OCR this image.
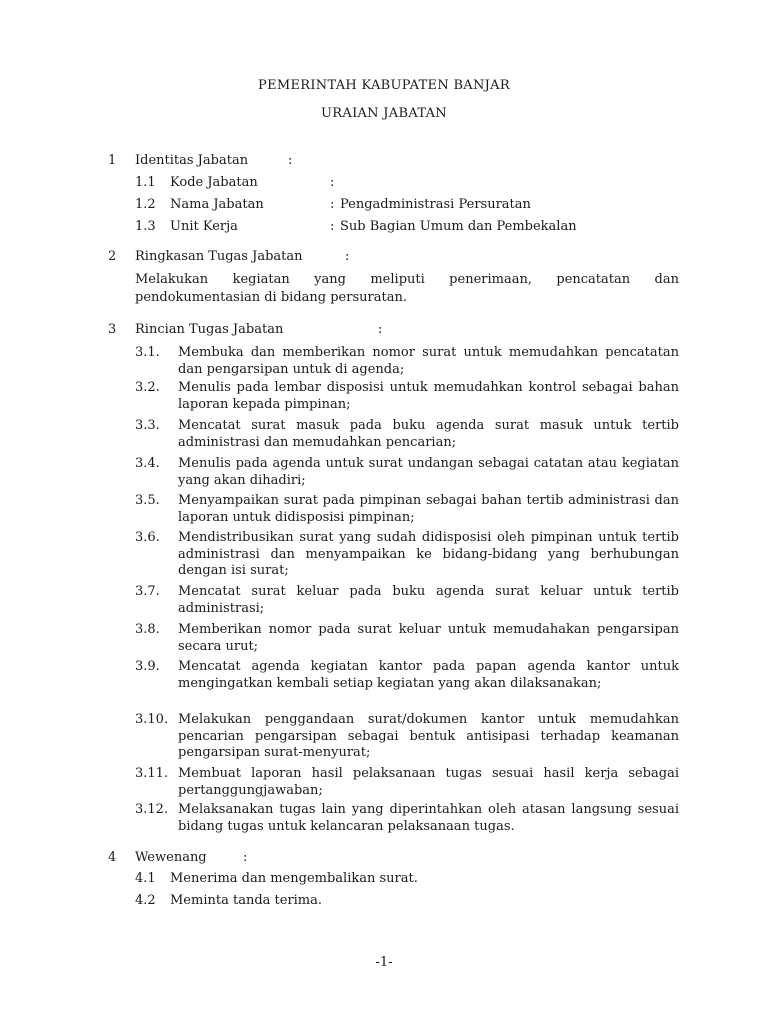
PEMERINTAH KABUPATEN BANJAR
URAIAN JABATAN
1 Identitas Jabatan	:
1.1 Kode Jabatan	:
1.2 Nama Jabatan	: Pengadministrasi Persuratan
1.3 Unit Kerja	: Sub Bagian Umum dan Pembekalan
2 Ringkasan Tugas Jabatan	:
Melakukan kegiatan yang meliputi penerimaan, pencatatan dan pendokumentasian di bidang persuratan.
3 Rincian Tugas Jabatan	:
3.1. Membuka dan memberikan nomor surat untuk memudahkan pencatatan dan pengarsipan untuk di agenda;
3.2. Menulis pada lembar disposisi untuk memudahkan kontrol sebagai bahan laporan kepada pimpinan;
3.3. Mencatat surat masuk pada buku agenda surat masuk untuk tertib administrasi dan memudahkan pencarian;
3.4. Menulis pada agenda untuk surat undangan sebagai catatan atau kegiatan yang akan dihadiri;
3.5. Menyampaikan surat pada pimpinan sebagai bahan tertib administrasi dan laporan untuk didisposisi pimpinan;
3.6. Mendistribusikan surat yang sudah didisposisi oleh pimpinan untuk tertib administrasi dan menyampaikan ke bidang-bidang yang berhubungan dengan isi surat;
3.7. Mencatat surat keluar pada buku agenda surat keluar untuk tertib administrasi;
3.8. Memberikan nomor pada surat keluar untuk memudahakan pengarsipan secara urut;
3.9. Mencatat agenda kegiatan kantor pada papan agenda kantor untuk mengingatkan kembali setiap kegiatan yang akan dilaksanakan;
3.10. Melakukan penggandaan surat/dokumen kantor untuk memudahkan pencarian pengarsipan sebagai bentuk antisipasi terhadap keamanan pengarsipan surat-menyurat;
3.11. Membuat laporan hasil pelaksanaan tugas sesuai hasil kerja sebagai pertanggungjawaban;
3.12. Melaksanakan tugas lain yang diperintahkan oleh atasan langsung sesuai bidang tugas untuk kelancaran pelaksanaan tugas.
4 Wewenang	:
4.1 Menerima dan mengembalikan surat.
4.2 Meminta tanda terima.
-1-
